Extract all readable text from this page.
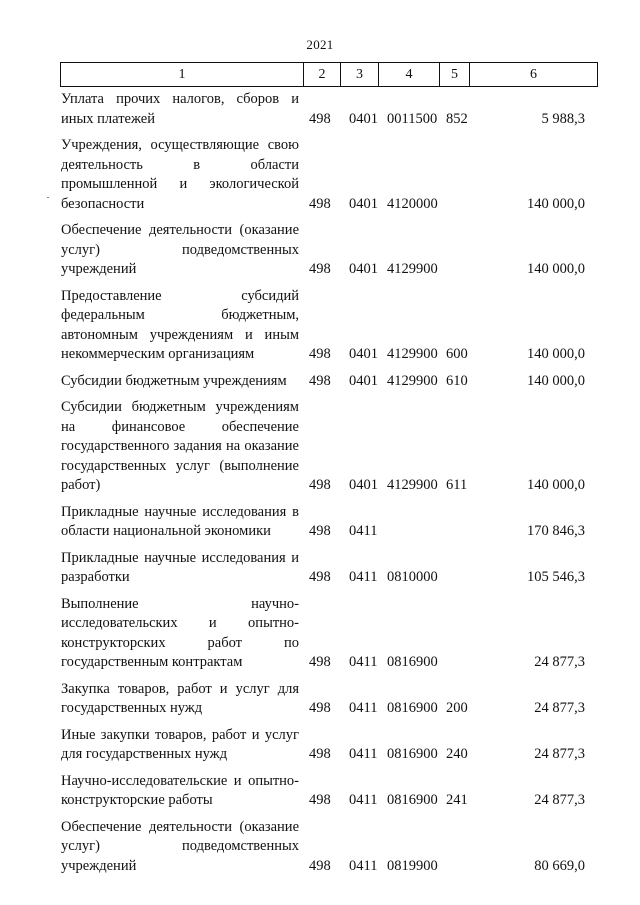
2021
1	2	3	4	5	6
Уплата прочих налогов, сборов и иных платежей	498 0401 0011500 852	5 988,3
Учреждения, осуществляющие свою деятельность в области промышленной и экологической безопасности	498 0401 4120000	140 000,0
Обеспечение деятельности (оказание услуг) подведомственных учреждений	498 0401 4129900	140 000,0
Предоставление субсидий федеральным бюджетным, автономным учреждениям и иным некоммерческим организациям	498 0401 4129900 600	140 000,0
Субсидии бюджетным учреждениям	498 0401 4129900 610	140 000,0
Субсидии бюджетным учреждениям на финансовое обеспечение государственного задания на оказание государственных услуг (выполнение работ)	498 0401 4129900 611	140 000,0
Прикладные научные исследования в области национальной экономики	498 0411	170 846,3
Прикладные научные исследования и разработки	498 0411 0810000	105 546,3
Выполнение научно-исследовательских и опытно-конструкторских работ по государственным контрактам	498 0411 0816900	24 877,3
Закупка товаров, работ и услуг для государственных нужд	498 0411 0816900 200	24 877,3
Иные закупки товаров, работ и услуг для государственных нужд	498 0411 0816900 240	24 877,3
Научно-исследовательские и опытно-конструкторские работы	498 0411 0816900 241	24 877,3
Обеспечение деятельности (оказание услуг) подведомственных учреждений	498 0411 0819900	80 669,0
